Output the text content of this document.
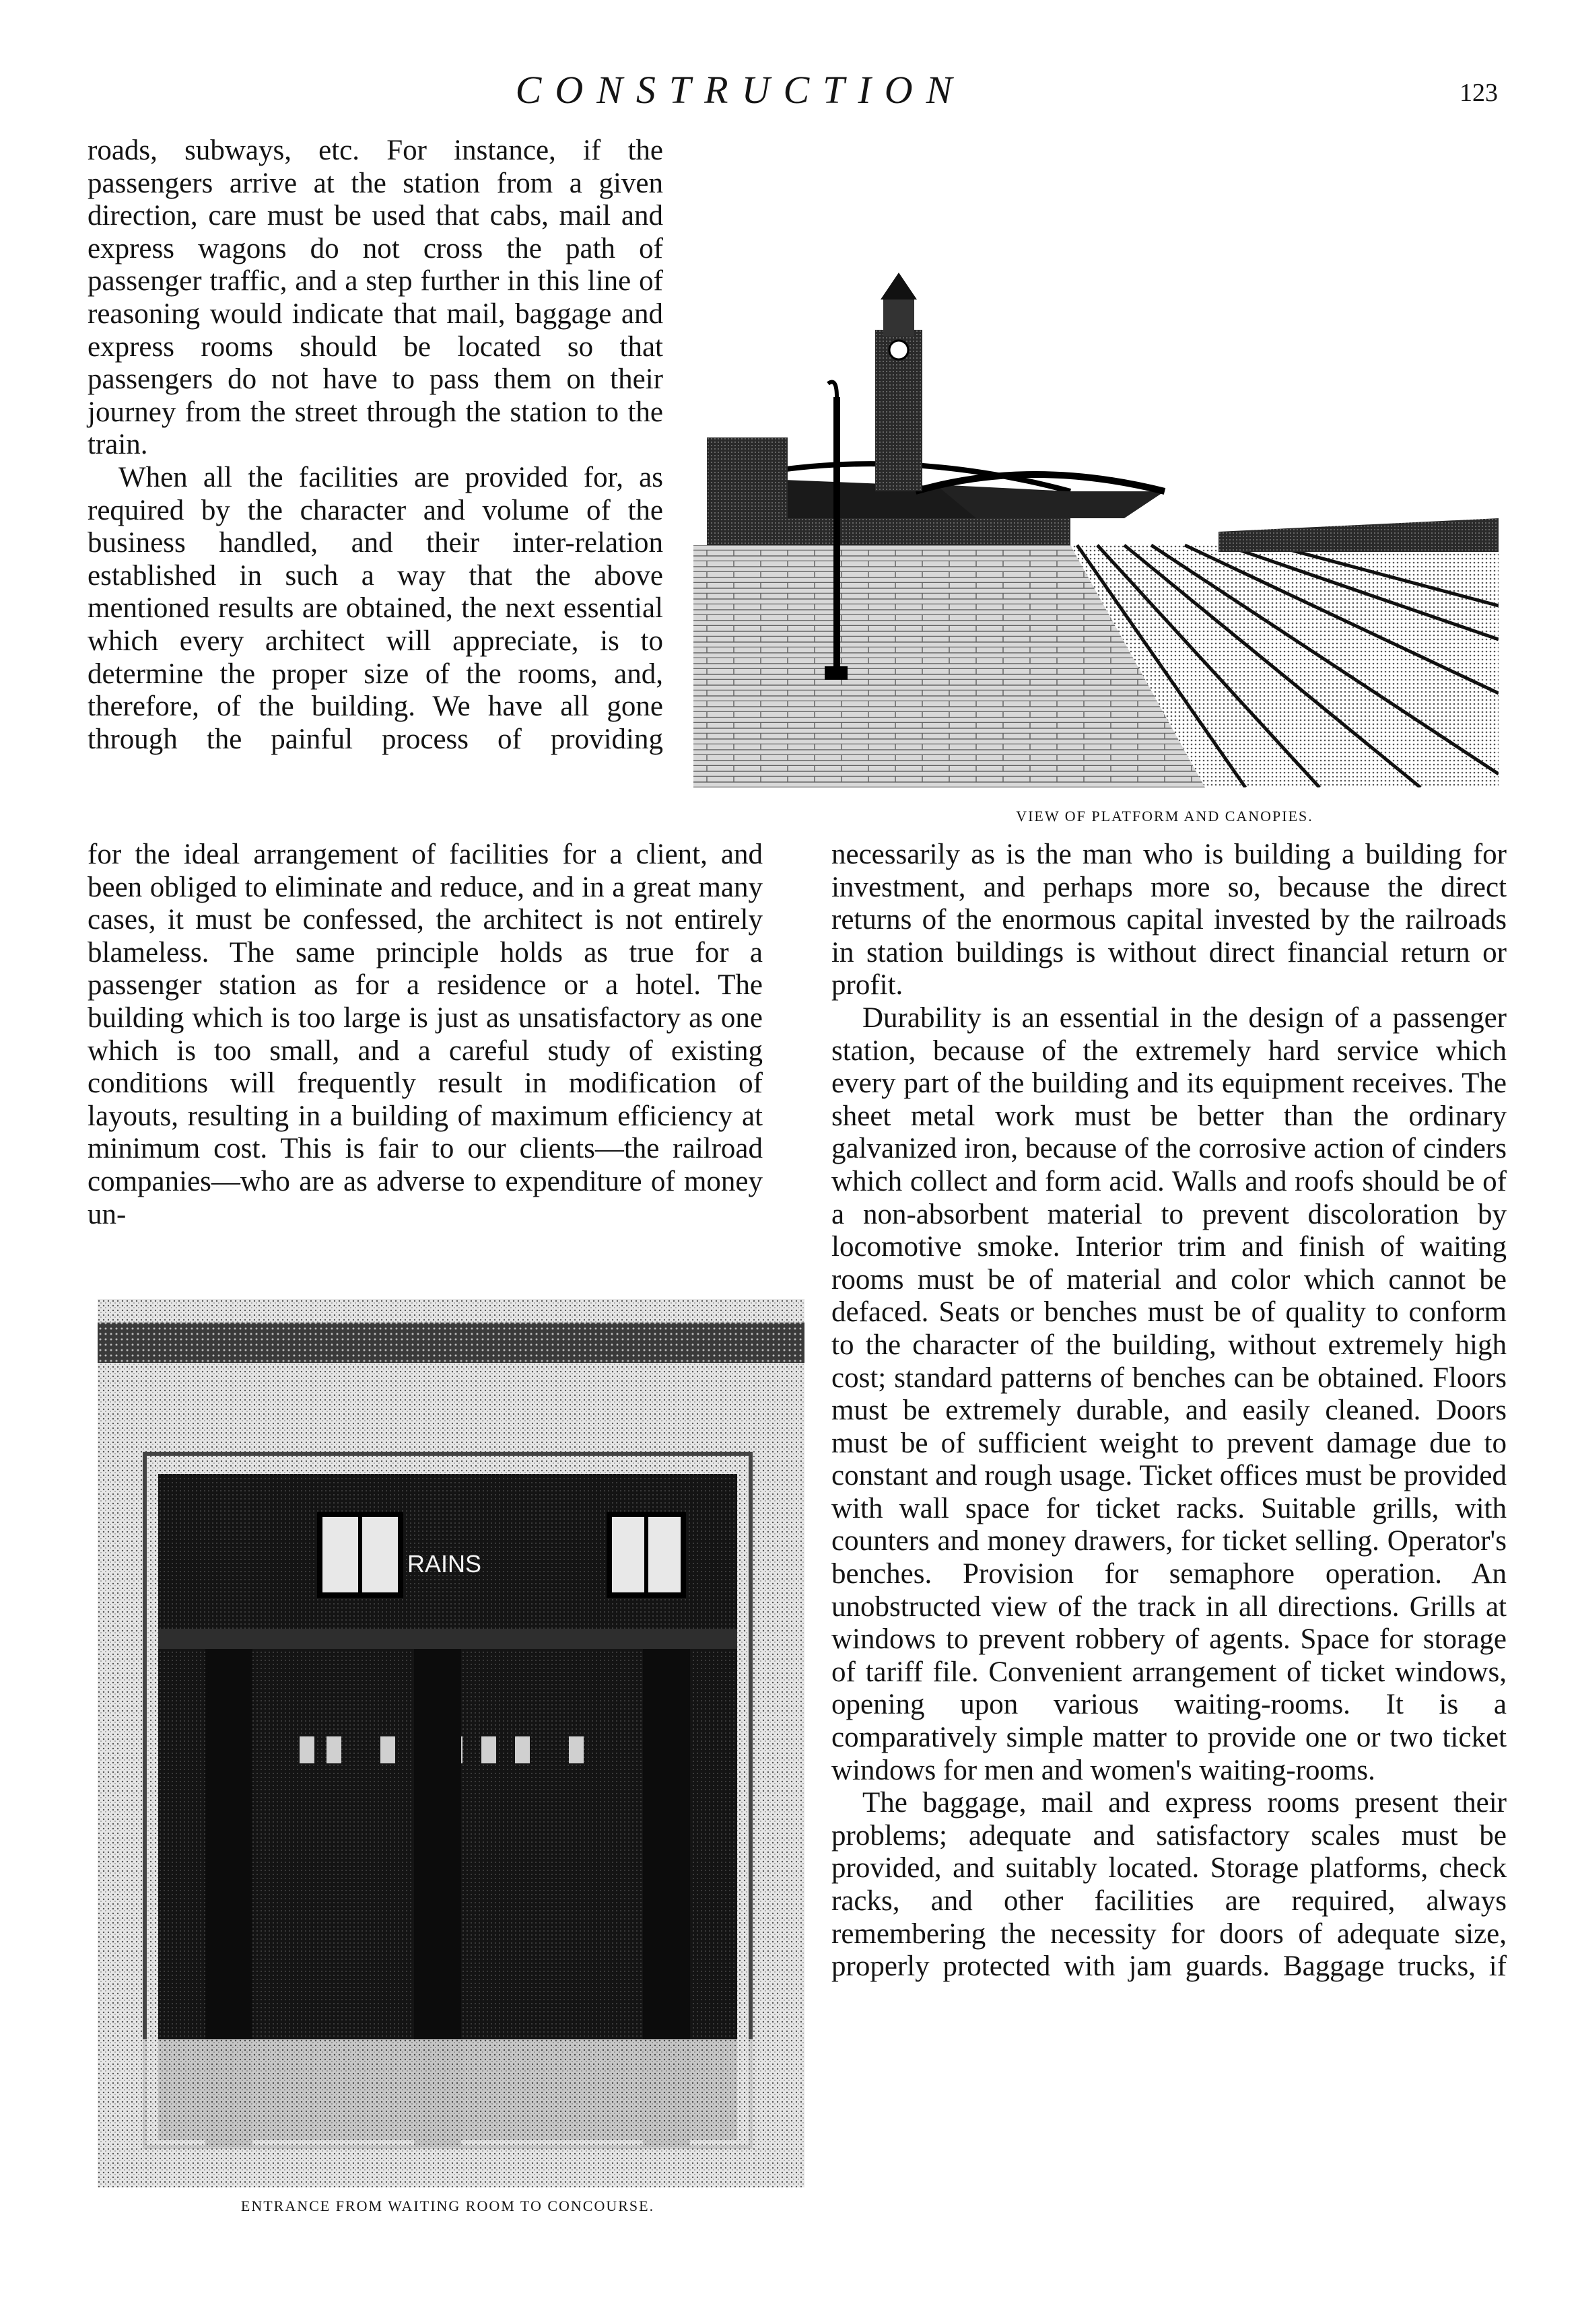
CONSTRUCTION	123

roads, subways, etc. For instance, if the passengers arrive at the station from a given direction, care must be used that cabs, mail and express wagons do not cross the path of passenger traffic, and a step further in this line of reasoning would indicate that mail, baggage and express rooms should be located so that passengers do not have to pass them on their journey from the street through the station to the train.

When all the facilities are provided for, as required by the character and volume of the business handled, and their inter-relation established in such a way that the above mentioned results are obtained, the next essential which every architect will appreciate, is to determine the proper size of the rooms, and, therefore, of the building. We have all gone through the painful process of providing

for the ideal arrangement of facilities for a client, and been obliged to eliminate and reduce, and in a great many cases, it must be confessed, the architect is not entirely blameless. The same principle holds as true for a passenger station as for a residence or a hotel. The building which is too large is just as unsatisfactory as one which is too small, and a careful study of existing conditions will frequently result in modification of layouts, resulting in a building of maximum efficiency at minimum cost. This is fair to our clients—the railroad companies—who are as adverse to expenditure of money un-

necessarily as is the man who is building a building for investment, and perhaps more so, because the direct returns of the enormous capital invested by the railroads in station buildings is without direct financial return or profit.

Durability is an essential in the design of a passenger station, because of the extremely hard service which every part of the building and its equipment receives. The sheet metal work must be better than the ordinary galvanized iron, because of the corrosive action of cinders which collect and form acid. Walls and roofs should be of a non-absorbent material to prevent discoloration by locomotive smoke. Interior trim and finish of waiting rooms must be of material and color which cannot be defaced. Seats or benches must be of quality to conform to the character of the building, without extremely high cost; standard patterns of benches can be obtained. Floors must be extremely durable, and easily cleaned. Doors must be of sufficient weight to prevent damage due to constant and rough usage. Ticket offices must be provided with wall space for ticket racks. Suitable grills, with counters and money drawers, for ticket selling. Operator's benches. Provision for semaphore operation. An unobstructed view of the track in all directions. Grills at windows to prevent robbery of agents. Space for storage of tariff file. Convenient arrangement of ticket windows, opening upon various waiting-rooms. It is a comparatively simple matter to provide one or two ticket windows for men and women's waiting-rooms.

The baggage, mail and express rooms present their problems; adequate and satisfactory scales must be provided, and suitably located. Storage platforms, check racks, and other facilities are required, always remembering the necessity for doors of adequate size, properly protected with jam guards. Baggage trucks, if

VIEW OF PLATFORM AND CANOPIES.
RAINS
ENTRANCE FROM WAITING ROOM TO CONCOURSE.
